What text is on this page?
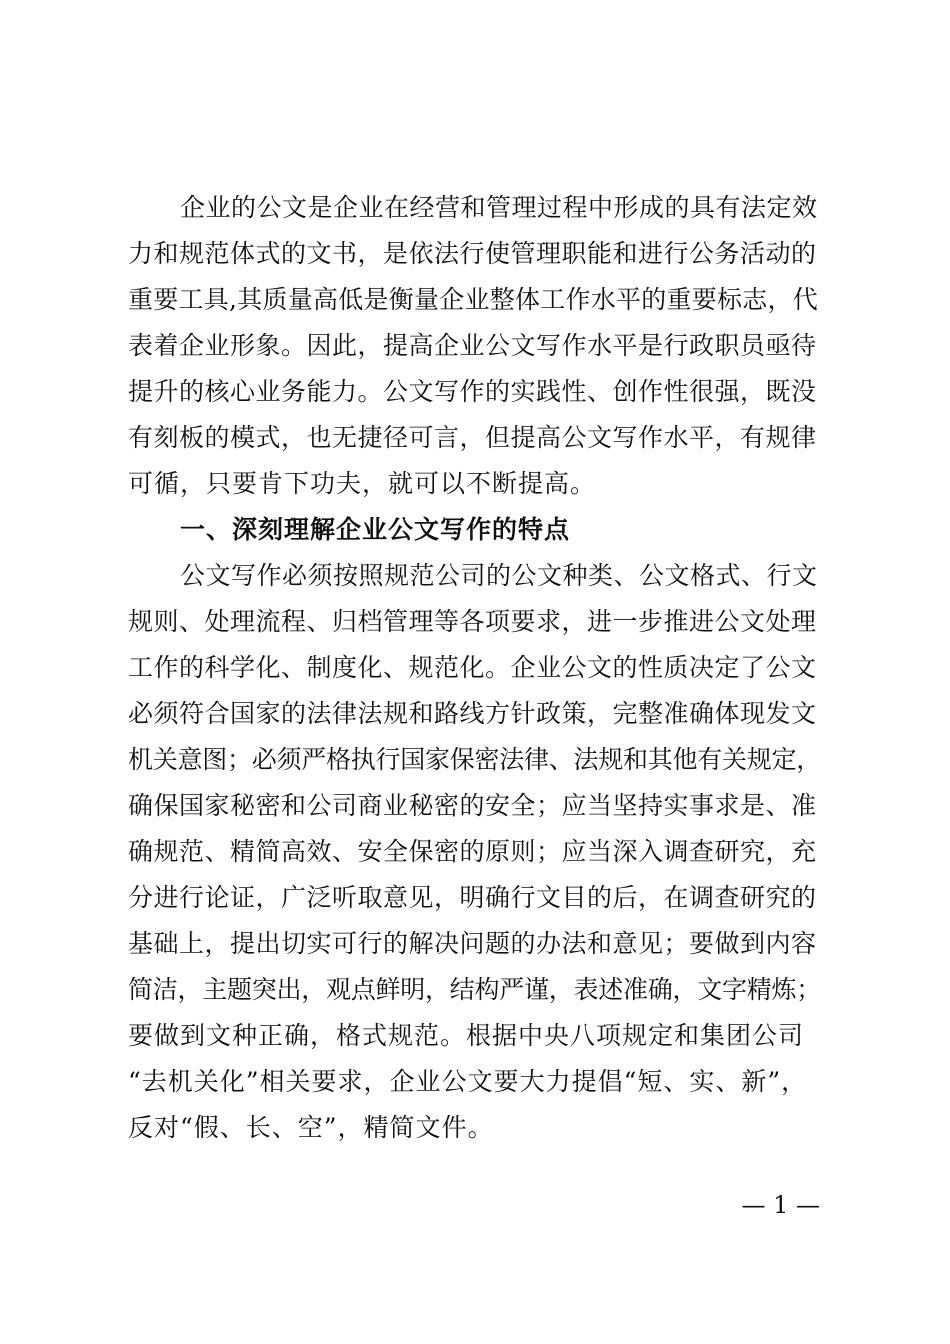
企业的公文是企业在经营和管理过程中形成的具有法定效
力和规范体式的文书，是依法行使管理职能和进行公务活动的
重要工具,其质量高低是衡量企业整体工作水平的重要标志，代
表着企业形象。因此，提高企业公文写作水平是行政职员亟待
提升的核心业务能力。公文写作的实践性、创作性很强，既没
有刻板的模式，也无捷径可言，但提高公文写作水平，有规律
可循，只要肯下功夫，就可以不断提高。
一、深刻理解企业公文写作的特点
公文写作必须按照规范公司的公文种类、公文格式、行文
规则、处理流程、归档管理等各项要求，进一步推进公文处理
工作的科学化、制度化、规范化。企业公文的性质决定了公文
必须符合国家的法律法规和路线方针政策，完整准确体现发文
机关意图；必须严格执行国家保密法律、法规和其他有关规定，
确保国家秘密和公司商业秘密的安全；应当坚持实事求是、准
确规范、精简高效、安全保密的原则；应当深入调查研究，充
分进行论证，广泛听取意见，明确行文目的后，在调查研究的
基础上，提出切实可行的解决问题的办法和意见；要做到内容
简洁，主题突出，观点鲜明，结构严谨，表述准确，文字精炼；
要做到文种正确，格式规范。根据中央八项规定和集团公司
“去机关化”相关要求，企业公文要大力提倡“短、实、新”，
反对“假、长、空”，精简文件。
— 1 —
